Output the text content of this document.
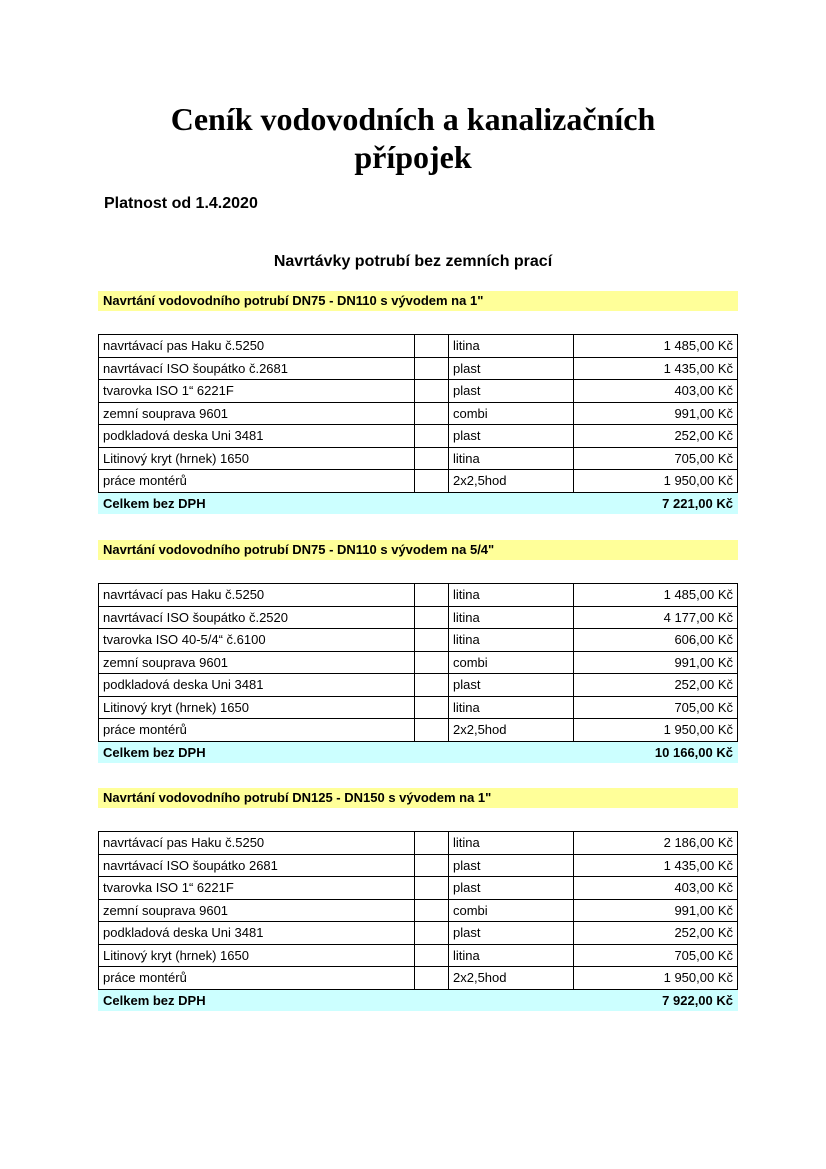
Ceník vodovodních a kanalizačních
přípojek
Platnost od 1.4.2020
Navrtávky potrubí bez zemních prací
Navrtání vodovodního potrubí DN75 - DN110 s vývodem na 1"
navrtávací pas Haku č.5250		litina	1 485,00 Kč
navrtávací ISO šoupátko č.2681		plast	1 435,00 Kč
tvarovka ISO 1“ 6221F		plast	403,00 Kč
zemní souprava 9601		combi	991,00 Kč
podkladová deska Uni 3481		plast	252,00 Kč
Litinový kryt (hrnek) 1650		litina	705,00 Kč
práce montérů		2x2,5hod	1 950,00 Kč
Celkem bez DPH	7 221,00 Kč
Navrtání vodovodního potrubí DN75 - DN110 s vývodem na 5/4"
navrtávací pas Haku č.5250		litina	1 485,00 Kč
navrtávací ISO šoupátko č.2520		litina	4 177,00 Kč
tvarovka ISO 40-5/4“ č.6100		litina	606,00 Kč
zemní souprava 9601		combi	991,00 Kč
podkladová deska Uni 3481		plast	252,00 Kč
Litinový kryt (hrnek) 1650		litina	705,00 Kč
práce montérů		2x2,5hod	1 950,00 Kč
Celkem bez DPH	10 166,00 Kč
Navrtání vodovodního potrubí DN125 - DN150 s vývodem na 1"
navrtávací pas Haku č.5250		litina	2 186,00 Kč
navrtávací ISO šoupátko 2681		plast	1 435,00 Kč
tvarovka ISO 1“ 6221F		plast	403,00 Kč
zemní souprava 9601		combi	991,00 Kč
podkladová deska Uni 3481		plast	252,00 Kč
Litinový kryt (hrnek) 1650		litina	705,00 Kč
práce montérů		2x2,5hod	1 950,00 Kč
Celkem bez DPH	7 922,00 Kč
